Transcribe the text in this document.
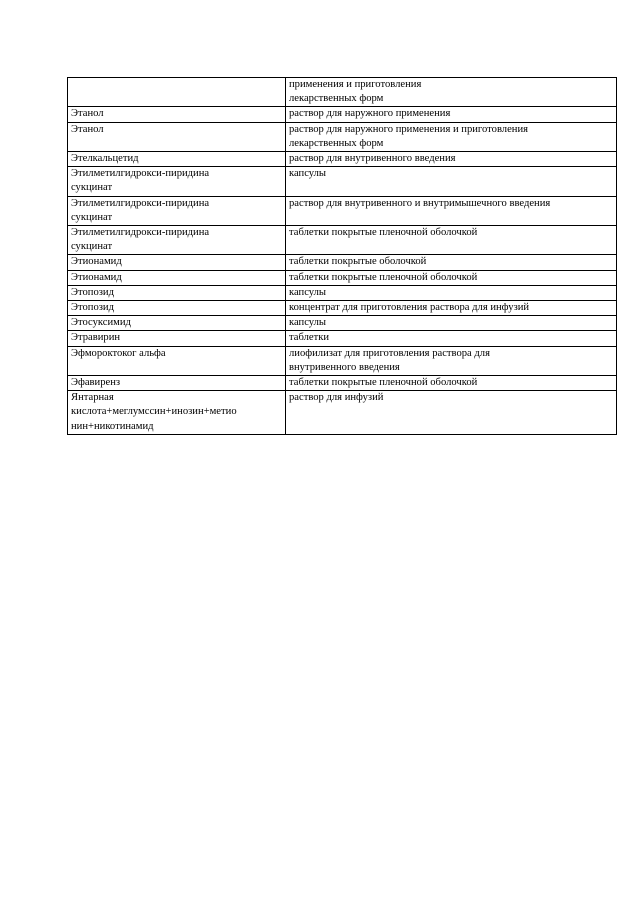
	применения и приготовления
лекарственных форм

Этанол	раствор для наружного применения

Этанол	раствор для наружного применения и приготовления
лекарственных форм

Этелкальцетид	раствор для внутривенного введения

Этилметилгидрокси-пиридина
сукцинат	капсулы

Этилметилгидрокси-пиридина
сукцинат	раствор для внутривенного и внутримышечного введения

Этилметилгидрокси-пиридина
сукцинат	таблетки покрытые пленочной оболочкой

Этионамид	таблетки покрытые оболочкой

Этионамид	таблетки покрытые пленочной оболочкой

Этопозид	капсулы

Этопозид	концентрат для приготовления раствора для инфузий

Этосуксимид	капсулы

Этравирин	таблетки

Эфмороктоког альфа	лиофилизат для приготовления раствора для
внутривенного введения

Эфавиренз	таблетки покрытые пленочной оболочкой

Янтарная
кислота+меглумссин+инозин+метио
нин+никотинамид	раствор для инфузий
